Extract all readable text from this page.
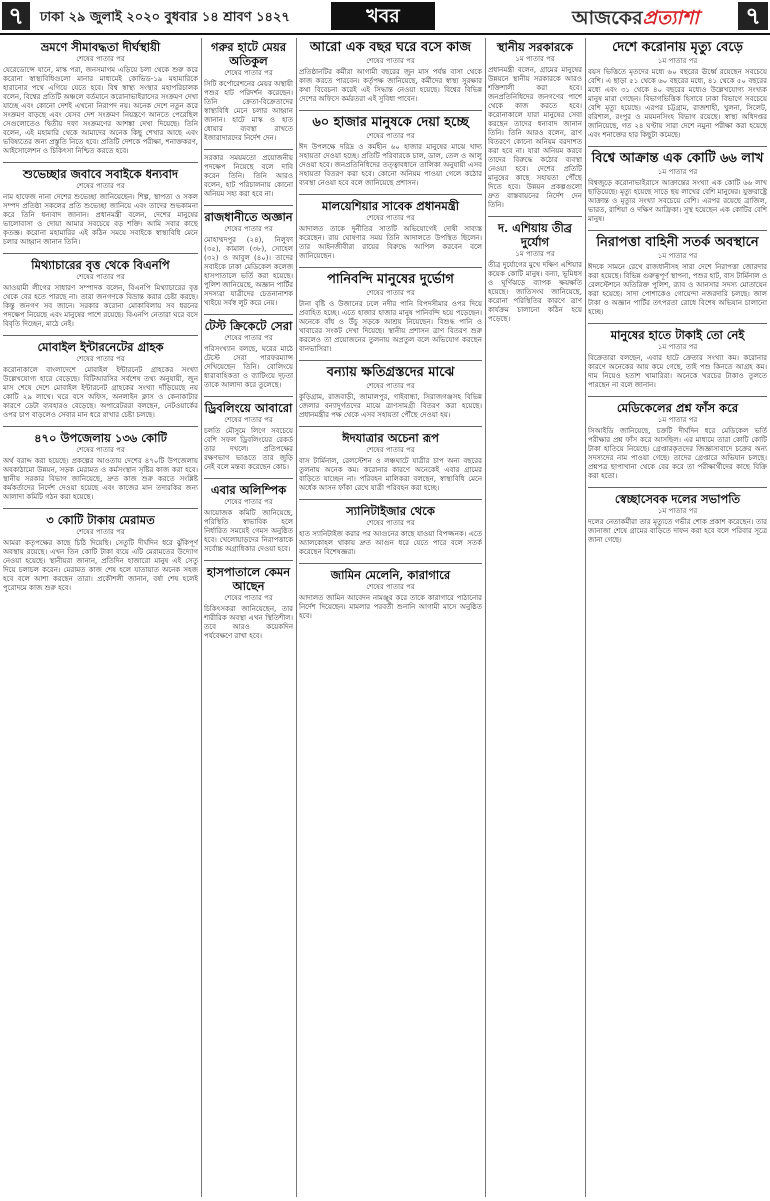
৭	ঢাকা ২৯ জুলাই ২০২০ বুধবার ১৪ শ্রাবণ ১৪২৭	খবর	আজকেরপ্রত্যাশা	৭
ভ্রমণে সীমাবদ্ধতা দীর্ঘস্থায়ী
শেষের পাতার পর

যেরেড্যেন্সে যানে, মাস্ক পরা, জনসমাগম এড়িয়ে চলা থেকে শুরু করে করোনা স্বাস্থ্যবিধিগুলো মানার মাধ্যমেই কোভিড-১৯ মহামারিকে হারানোর পথে এগিয়ে যেতে হবে। বিশ্ব স্বাস্থ্য সংস্থার মহাপরিচালক বলেন, বিশ্বের প্রতিটি অঞ্চলে বর্তমানে করোনাভাইরাসের সংক্রমণ দেখা যাচ্ছে এবং কোনো দেশই এখনো নিরাপদ নয়। অনেক দেশে নতুন করে সংক্রমণ বাড়ছে এবং যেসব দেশ সংক্রমণ নিয়ন্ত্রণে আনতে পেরেছিল সেগুলোতেও দ্বিতীয় দফা সংক্রমণের আশঙ্কা দেখা দিয়েছে। তিনি বলেন, এই মহামারি থেকে আমাদের অনেক কিছু শেখার আছে এবং ভবিষ্যতের জন্য প্রস্তুতি নিতে হবে। প্রতিটি দেশকে পরীক্ষা, শনাক্তকরণ, আইসোলেশন ও চিকিৎসা নিশ্চিত করতে হবে।

শুভেচ্ছার জবাবে সবাইকে ধন্যবাদ
শেষের পাতার পর

নাম হাফেজ নানা দেশের শুভেচ্ছা জানিয়েছেন। শিল্প, স্থাপত্য ও সকল সম্পদ প্রতিষ্ঠা সকলের প্রতি শুভেচ্ছা জানিয়ে এবং তাদের শুভকামনা করে তিনি ধন্যবাদ জানান। প্রধানমন্ত্রী বলেন, দেশের মানুষের ভালোবাসা ও দোয়া আমার সবচেয়ে বড় শক্তি। আমি সবার কাছে কৃতজ্ঞ। করোনা মহামারির এই কঠিন সময়ে সবাইকে স্বাস্থ্যবিধি মেনে চলার আহ্বান জানান তিনি।

মিথ্যাচারের বৃত্ত থেকে বিএনপি
শেষের পাতার পর

আওয়ামী লীগের সাধারণ সম্পাদক বলেন, বিএনপি মিথ্যাচারের বৃত্ত থেকে বের হতে পারছে না। তারা জনগণকে বিভ্রান্ত করার চেষ্টা করছে। কিন্তু জনগণ সব জানে। সরকার করোনা মোকাবিলায় সব ধরনের পদক্ষেপ নিয়েছে এবং মানুষের পাশে রয়েছে। বিএনপি নেতারা ঘরে বসে বিবৃতি দিচ্ছেন, মাঠে নেই।

মোবাইল ইন্টারনেটের গ্রাহক
শেষের পাতার পর

করোনাকালে বাংলাদেশে মোবাইল ইন্টারনেট গ্রাহকের সংখ্যা উল্লেখযোগ্য হারে বেড়েছে। বিটিআরসির সর্বশেষ তথ্য অনুযায়ী, জুন মাস শেষে দেশে মোবাইল ইন্টারনেট গ্রাহকের সংখ্যা দাঁড়িয়েছে নয় কোটি ২৯ লাখে। ঘরে বসে অফিস, অনলাইন ক্লাস ও কেনাকাটার কারণে ডেটা ব্যবহারও বেড়েছে। অপারেটররা বলছেন, নেটওয়ার্কের ওপর চাপ বাড়লেও সেবার মান ধরে রাখার চেষ্টা চলছে।

৪৭০ উপজেলায় ১৩৬ কোটি
শেষের পাতার পর

অর্থ বরাদ্দ করা হয়েছে। প্রকল্পের আওতায় দেশের ৪৭০টি উপজেলায় অবকাঠামো উন্নয়ন, সড়ক মেরামত ও কর্মসংস্থান সৃষ্টির কাজ করা হবে। স্থানীয় সরকার বিভাগ জানিয়েছে, দ্রুত কাজ শুরু করতে সংশ্লিষ্ট কর্মকর্তাদের নির্দেশ দেওয়া হয়েছে এবং কাজের মান তদারকির জন্য আলাদা কমিটি গঠন করা হয়েছে।

৩ কোটি টাকায় মেরামত
শেষের পাতার পর

আমরা কতৃপক্ষের কাছে চিঠি দিয়েছি। সেতুটি দীর্ঘদিন ধরে ঝুঁকিপূর্ণ অবস্থায় রয়েছে। এখন তিন কোটি টাকা ব্যয়ে এটি মেরামতের উদ্যোগ নেওয়া হয়েছে। স্থানীয়রা জানান, প্রতিদিন হাজারো মানুষ এই সেতু দিয়ে চলাচল করেন। মেরামত কাজ শেষ হলে যাতায়াত অনেক সহজ হবে বলে আশা করছেন তারা। প্রকৌশলী জানান, বর্ষা শেষ হলেই পুরোদমে কাজ শুরু হবে।

গরুর হাটে মেয়র অতিকুল
শেষের পাতার পর

সিটি কর্পোরেশনের মেয়র অস্থায়ী পশুর হাট পরিদর্শন করেছেন। তিনি ক্রেতা-বিক্রেতাদের স্বাস্থ্যবিধি মেনে চলার আহ্বান জানান। হাটে মাস্ক ও হাত ধোয়ার ব্যবস্থা রাখতে ইজারাদারদের নির্দেশ দেন।

সরকার সময়মতো প্রয়োজনীয় পদক্ষেপ নিয়েছে বলে দাবি করেন তিনি। তিনি আরও বলেন, হাট পরিচালনায় কোনো অনিয়ম সহ্য করা হবে না।

রাজধানীতে অজ্ঞান
শেষের পাতার পর

মোহাম্মদপুর (২৪), নিলুফা (৩৫), কামাল (৩৮), সোহেল (৩২) ও আবুল (৪০)। তাদের সবাইকে ঢাকা মেডিকেল কলেজ হাসপাতালে ভর্তি করা হয়েছে। পুলিশ জানিয়েছে, অজ্ঞান পার্টির সদস্যরা যাত্রীদের চেতনানাশক খাইয়ে সর্বস্ব লুট করে নেয়।

টেস্ট ক্রিকেটে সেরা
শেষের পাতার পর

পরিসংখ্যান বলছে, ঘরের মাঠে টেস্টে সেরা পারফরম্যান্স দেখিয়েছেন তিনি। বোলিংয়ে ধারাবাহিকতা ও ব্যাটিংয়ে দৃঢ়তা তাকে আলাদা করে তুলেছে।

ড্রিবলিংয়ে আবারো
শেষের পাতার পর

চলতি মৌসুমে লিগে সবচেয়ে বেশি সফল ড্রিবলিংয়ের রেকর্ড তার দখলে। প্রতিপক্ষের রক্ষণভাগ ভাঙতে তার জুড়ি নেই বলে মন্তব্য করেছেন কোচ।

এবার অলিম্পিক
শেষের পাতার পর

আয়োজক কমিটি জানিয়েছে, পরিস্থিতি স্বাভাবিক হলে নির্ধারিত সময়েই গেমস অনুষ্ঠিত হবে। খেলোয়াড়দের নিরাপত্তাকে সর্বোচ্চ অগ্রাধিকার দেওয়া হবে।

হাসপাতালে কেমন আছেন
শেষের পাতার পর

চিকিৎসকরা জানিয়েছেন, তার শারীরিক অবস্থা এখন স্থিতিশীল। তবে আরও কয়েকদিন পর্যবেক্ষণে রাখা হবে।

আরো এক বছর ঘরে বসে কাজ
শেষের পাতার পর

প্রতিষ্ঠানটির কর্মীরা আগামী বছরের জুন মাস পর্যন্ত বাসা থেকে কাজ করতে পারবেন। কর্তৃপক্ষ জানিয়েছে, কর্মীদের স্বাস্থ্য সুরক্ষার কথা বিবেচনা করেই এই সিদ্ধান্ত নেওয়া হয়েছে। বিশ্বের বিভিন্ন দেশের অফিসে কর্মরতরা এই সুবিধা পাবেন।

৬০ হাজার মানুষকে দেয়া হচ্ছে
শেষের পাতার পর

ঈদ উপলক্ষে দরিদ্র ও কর্মহীন ৬০ হাজার মানুষের মাঝে খাদ্য সহায়তা দেওয়া হচ্ছে। প্রতিটি পরিবারকে চাল, ডাল, তেল ও আলু দেওয়া হবে। জনপ্রতিনিধিদের তত্ত্বাবধানে তালিকা অনুযায়ী এসব সহায়তা বিতরণ করা হবে। কোনো অনিয়ম পাওয়া গেলে কঠোর ব্যবস্থা নেওয়া হবে বলে জানিয়েছে প্রশাসন।

মালয়েশিয়ার সাবেক প্রধানমন্ত্রী
শেষের পাতার পর

আদালত তাকে দুর্নীতির সাতটি অভিযোগেই দোষী সাব্যস্ত করেছেন। রায় ঘোষণার সময় তিনি আদালতে উপস্থিত ছিলেন। তার আইনজীবীরা রায়ের বিরুদ্ধে আপিল করবেন বলে জানিয়েছেন।

পানিবন্দি মানুষের দুর্ভোগ
শেষের পাতার পর

টানা বৃষ্টি ও উজানের ঢলে নদীর পানি বিপদসীমার ওপর দিয়ে প্রবাহিত হচ্ছে। এতে হাজার হাজার মানুষ পানিবন্দি হয়ে পড়েছেন। অনেকে বাঁধ ও উঁচু সড়কে আশ্রয় নিয়েছেন। বিশুদ্ধ পানি ও খাবারের সংকট দেখা দিয়েছে। স্থানীয় প্রশাসন ত্রাণ বিতরণ শুরু করলেও তা প্রয়োজনের তুলনায় অপ্রতুল বলে অভিযোগ করছেন বানভাসিরা।

বন্যায় ক্ষতিগ্রস্তদের মাঝে
শেষের পাতার পর

কুড়িগ্রাম, রাজবাড়ী, জামালপুর, গাইবান্ধা, সিরাজগঞ্জসহ বিভিন্ন জেলার বন্যাদুর্গতদের মাঝে ত্রাণসামগ্রী বিতরণ করা হয়েছে। প্রধানমন্ত্রীর পক্ষ থেকে এসব সহায়তা পৌঁছে দেওয়া হয়।

ঈদযাত্রার অচেনা রূপ
শেষের পাতার পর

বাস টার্মিনাল, রেলস্টেশন ও লঞ্চঘাটে যাত্রীর চাপ অন্য বছরের তুলনায় অনেক কম। করোনার কারণে অনেকেই এবার গ্রামের বাড়িতে যাচ্ছেন না। পরিবহন মালিকরা বলছেন, স্বাস্থ্যবিধি মেনে অর্ধেক আসন ফাঁকা রেখে যাত্রী পরিবহন করা হচ্ছে।

স্যানিটাইজার থেকে
শেষের পাতার পর

হাত স্যানিটাইজ করার পর আগুনের কাছে যাওয়া বিপজ্জনক। এতে অ্যালকোহল থাকায় দ্রুত আগুন ধরে যেতে পারে বলে সতর্ক করেছেন বিশেষজ্ঞরা।

জামিন মেলেনি, কারাগারে
শেষের পাতার পর

আদালত জামিন আবেদন নামঞ্জুর করে তাকে কারাগারে পাঠানোর নির্দেশ দিয়েছেন। মামলার পরবর্তী শুনানি আগামী মাসে অনুষ্ঠিত হবে।

স্থানীয় সরকারকে
১ম পাতার পর

প্রধানমন্ত্রী বলেন, গ্রামের মানুষের উন্নয়নে স্থানীয় সরকারকে আরও শক্তিশালী করা হবে। জনপ্রতিনিধিদের জনগণের পাশে থেকে কাজ করতে হবে। করোনাকালে যারা মানুষের সেবা করছেন তাদের ধন্যবাদ জানান তিনি। তিনি আরও বলেন, ত্রাণ বিতরণে কোনো অনিয়ম বরদাশত করা হবে না। যারা অনিয়ম করবে তাদের বিরুদ্ধে কঠোর ব্যবস্থা নেওয়া হবে। দেশের প্রতিটি মানুষের কাছে সহায়তা পৌঁছে দিতে হবে। উন্নয়ন প্রকল্পগুলো দ্রুত বাস্তবায়নের নির্দেশ দেন তিনি।

দ. এশিয়ায় তীব্র দুর্যোগ
১ম পাতার পর

তীব্র দুর্যোগের মুখে দক্ষিণ এশিয়ার কয়েক কোটি মানুষ। বন্যা, ভূমিধস ও ঘূর্ণিঝড়ে ব্যাপক ক্ষয়ক্ষতি হয়েছে। জাতিসংঘ জানিয়েছে, করোনা পরিস্থিতির কারণে ত্রাণ কার্যক্রম চালানো কঠিন হয়ে পড়েছে।

দেশে করোনায় মৃত্যু বেড়ে
১ম পাতার পর

বয়স ভিত্তিতে মৃতদের মধ্যে ৬০ বছরের ঊর্ধ্বে রয়েছেন সবচেয়ে বেশি। এ ছাড়া ৫১ থেকে ৬০ বছরের মধ্যে, ৪১ থেকে ৫০ বছরের মধ্যে এবং ৩১ থেকে ৪০ বছরের মধ্যেও উল্লেখযোগ্য সংখ্যক মানুষ মারা গেছেন। বিভাগভিত্তিক হিসাবে ঢাকা বিভাগে সবচেয়ে বেশি মৃত্যু হয়েছে। এরপর চট্টগ্রাম, রাজশাহী, খুলনা, সিলেট, বরিশাল, রংপুর ও ময়মনসিংহ বিভাগ রয়েছে। স্বাস্থ্য অধিদপ্তর জানিয়েছে, গত ২৪ ঘণ্টায় সারা দেশে নমুনা পরীক্ষা করা হয়েছে এবং শনাক্তের হার কিছুটা কমেছে।

বিশ্বে আক্রান্ত এক কোটি ৬৬ লাখ
১ম পাতার পর

বিশ্বজুড়ে করোনাভাইরাসে আক্রান্তের সংখ্যা এক কোটি ৬৬ লাখ ছাড়িয়েছে। মৃত্যু হয়েছে সাড়ে ছয় লাখের বেশি মানুষের। যুক্তরাষ্ট্রে আক্রান্ত ও মৃত্যুর সংখ্যা সবচেয়ে বেশি। এরপর রয়েছে ব্রাজিল, ভারত, রাশিয়া ও দক্ষিণ আফ্রিকা। সুস্থ হয়েছেন এক কোটির বেশি মানুষ।

নিরাপত্তা বাহিনী সতর্ক অবস্থানে
১ম পাতার পর

ঈদকে সামনে রেখে রাজধানীসহ সারা দেশে নিরাপত্তা জোরদার করা হয়েছে। বিভিন্ন গুরুত্বপূর্ণ স্থাপনা, পশুর হাট, বাস টার্মিনাল ও রেলস্টেশনে অতিরিক্ত পুলিশ, র‌্যাব ও আনসার সদস্য মোতায়েন করা হয়েছে। সাদা পোশাকেও গোয়েন্দা নজরদারি চলছে। জাল টাকা ও অজ্ঞান পার্টির তৎপরতা রোধে বিশেষ অভিযান চালানো হচ্ছে।

মানুষের হাতে টাকাই তো নেই
১ম পাতার পর

বিক্রেতারা বলছেন, এবার হাটে ক্রেতার সংখ্যা কম। করোনার কারণে অনেকের আয় কমে গেছে, তাই পশু কিনতে আগ্রহ কম। দাম নিয়েও হতাশ খামারিরা। অনেকে খরচের টাকাও তুলতে পারছেন না বলে জানান।

মেডিকেলের প্রশ্ন ফাঁস করে
১ম পাতার পর

সিআইডি জানিয়েছে, চক্রটি দীর্ঘদিন ধরে মেডিকেল ভর্তি পরীক্ষার প্রশ্ন ফাঁস করে আসছিল। এর মাধ্যমে তারা কোটি কোটি টাকা হাতিয়ে নিয়েছে। গ্রেপ্তারকৃতদের জিজ্ঞাসাবাদে চক্রের অন্য সদস্যদের নাম পাওয়া গেছে। তাদের গ্রেপ্তারে অভিযান চলছে। প্রশ্নপত্র ছাপাখানা থেকে বের করে তা পরীক্ষার্থীদের কাছে বিক্রি করা হতো।

স্বেচ্ছাসেবক দলের সভাপতি
১ম পাতার পর

দলের নেতাকর্মীরা তার মৃত্যুতে গভীর শোক প্রকাশ করেছেন। তার জানাজা শেষে গ্রামের বাড়িতে দাফন করা হবে বলে পরিবার সূত্রে জানা গেছে।
